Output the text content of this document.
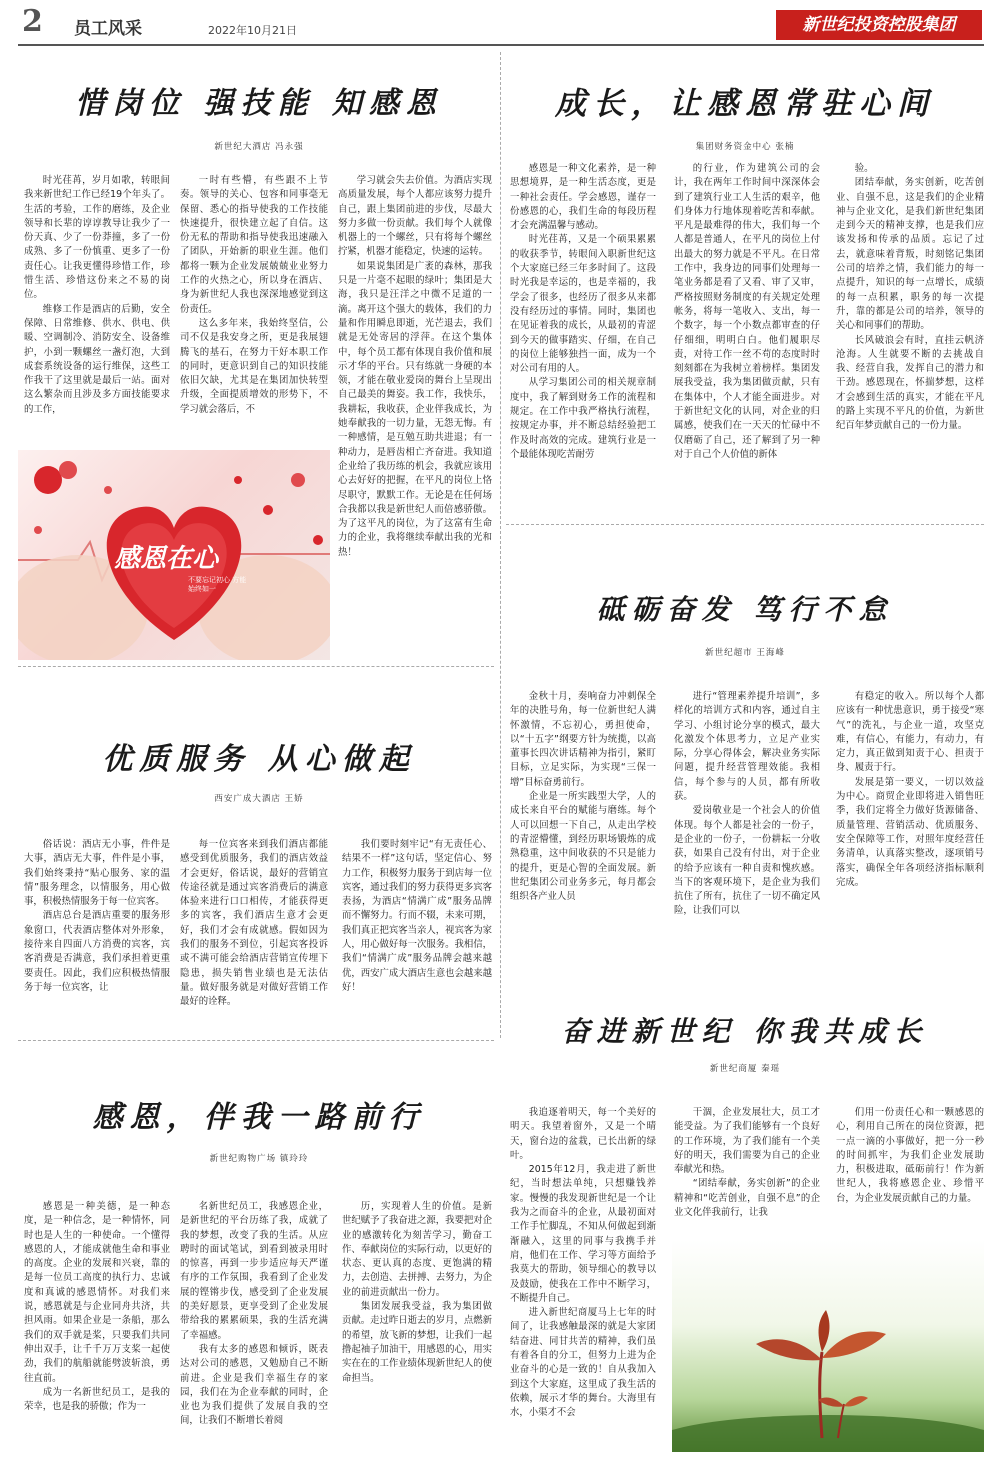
2 员工风采	2022年10月21日	新世纪投资控股集团
惜岗位 强技能 知感恩
新世纪大酒店 冯永强

时光荏苒，岁月如歌，转眼间我来新世纪工作已经19个年头了。生活的考验，工作的磨练，及企业领导和长辈的谆谆教导让我少了一份天真、少了一份莽撞，多了一份成熟、多了一份慎重、更多了一份责任心。让我更懂得珍惜工作，珍惜生活、珍惜这份来之不易的岗位。

维修工作是酒店的后勤，安全保障、日常维修、供水、供电、供暖、空调制冷、消防安全、设备维护，小到一颗螺丝一盏灯泡，大到成套系统设备的运行维保，这些工作我干了这里就是最后一站。面对这么繁杂而且涉及多方面技能要求的工作，

一时有些懵，有些跟不上节奏。领导的关心、包容和同事毫无保留、悉心的指导使我的工作技能快速提升，很快建立起了自信。这份无私的帮助和指导使我迅速融入了团队，开始新的职业生涯。他们都将一颗为企业发展兢兢业业努力工作的火热之心，所以身在酒店、身为新世纪人我也深深地感觉到这份责任。

这么多年来，我始终坚信，公司不仅是我安身之所，更是我展翅腾飞的基石，在努力干好本职工作的同时，更意识到自己的知识技能依旧欠缺，尤其是在集团加快转型升级，全面提质增效的形势下，不学习就会落后，不

学习就会失去价值。为酒店实现高质量发展，每个人都应该努力提升自己，跟上集团前进的步伐，尽最大努力多做一份贡献。我们每个人就像机器上的一个螺丝，只有将每个螺丝拧紧，机器才能稳定，快速的运转。

如果说集团是广袤的森林，那我只是一片毫不起眼的绿叶；集团是大海，我只是汪洋之中微不足道的一滴。离开这个强大的载体，我们的力量和作用瞬息即逝，光芒退去，我们就是无处寄居的浮萍。在这个集体中，每个员工都有体现自我价值和展示才华的平台。只有练就一身硬的本领，才能在敬业爱岗的舞台上呈现出自己最美的舞姿。我工作，我快乐，我耕耘，我收获，企业伴我成长，为她奉献我的一切力量，无怨无悔。有一种感情，是互勉互助共进退；有一种动力，是唇齿相亡齐奋进。我知道企业给了我历练的机会，我就应该用心去好好的把握，在平凡的岗位上恪尽职守，默默工作。无论是在任何场合我都以我是新世纪人而倍感骄傲。为了这平凡的岗位，为了这富有生命力的企业，我将继续奉献出我的光和热！

感恩在心
不要忘记初心 方能始终如一
成长，让感恩常驻心间
集团财务资金中心 张楠

感恩是一种文化素养，是一种思想境界，是一种生活态度，更是一种社会责任。学会感恩，谨存一份感恩的心，我们生命的每段历程才会充满温馨与感动。

时光荏苒，又是一个硕果累累的收获季节，转眼间入职新世纪这个大家庭已经三年多时间了。这段时光我是幸运的，也是幸福的，我学会了很多，也经历了很多从来都没有经历过的事情。同时，集团也在见证着我的成长，从最初的青涩到今天的做事踏实、仔细，在自己的岗位上能够独挡一面，成为一个对公司有用的人。

从学习集团公司的相关规章制度中，我了解到财务工作的流程和规定。在工作中我严格执行流程，按规定办事，并不断总结经验把工作及时高效的完成。建筑行业是一个最能体现吃苦耐劳

的行业，作为建筑公司的会计，我在两年工作时间中深深体会到了建筑行业工人生活的艰辛，他们身体力行地体现着吃苦和奉献。平凡是最难得的伟大，我们每一个人都是普通人，在平凡的岗位上付出最大的努力就是不平凡。在日常工作中，我身边的同事们处理每一笔业务都是看了又看、审了又审，严格按照财务制度的有关规定处理帐务，将每一笔收入、支出，每一个数字，每一个小数点都审查的仔仔细细，明明白白。他们履职尽责，对待工作一丝不苟的态度时时刻刻都在为我树立着榜样。集团发展我受益，我为集团做贡献，只有在集体中，个人才能全面进步。对于新世纪文化的认同，对企业的归属感，使我们在一天天的忙碌中不仅磨砺了自己，还了解到了另一种对于自己个人价值的新体

验。

团结奉献，务实创新，吃苦创业、自强不息，这是我们的企业精神与企业文化，是我们新世纪集团走到今天的精神支撑，也是我们应该发扬和传承的品质。忘记了过去，就意味着背叛，时刻铭记集团公司的培养之情，我们能力的每一点提升，知识的每一点增长，成绩的每一点积累，职务的每一次提升，靠的都是公司的培养，领导的关心和同事们的帮助。

长风破浪会有时，直挂云帆济沧海。人生就要不断的去挑战自我、经营自我，发挥自己的潜力和干劲。感恩现在，怀揣梦想，这样才会感到生活的真实，才能在平凡的路上实现不平凡的价值，为新世纪百年梦贡献自己的一份力量。

砥砺奋发 笃行不怠
新世纪超市 王海峰

金秋十月，奏响奋力冲刺保全年的决胜号角，每一位新世纪人满怀激情，不忘初心，勇担使命，以“十五字”纲要方针为统揽，以高董事长四次讲话精神为指引，紧盯目标，立足实际，为实现“三保一增”目标奋勇前行。

企业是一所实践型大学，人的成长来自平台的赋能与磨练。每个人可以回想一下自己，从走出学校的青涩懵懂，到经历职场锻炼的成熟稳重，这中间收获的不只是能力的提升，更是心智的全面发展。新世纪集团公司业务多元，每月都会组织各产业人员

进行“管理素养提升培训”，多样化的培训方式和内容，通过自主学习、小组讨论分享的模式，最大化激发个体思考力，立足产业实际，分享心得体会，解决业务实际问题，提升经营管理效能。我相信，每个参与的人员，都有所收获。

爱岗敬业是一个社会人的价值体现。每个人都是社会的一份子，是企业的一份子，一份耕耘一分收获，如果自己没有付出，对于企业的给予应该有一种自责和愧疚感。当下的客观环境下，是企业为我们抗住了所有，抗住了一切不确定风险，让我们可以

有稳定的收入。所以每个人都应该有一种忧患意识，勇于接受“寒气”的洗礼，与企业一道，攻坚克难，有信心，有能力，有动力，有定力，真正做到知责于心、担责于身、履责于行。

发展是第一要义，一切以效益为中心。商贸企业即将进入销售旺季，我们定将全力做好货源储备、质量管理、营销活动、优质服务、安全保障等工作，对照年度经营任务清单，认真落实整改，逐项销号落实，确保全年各项经济指标顺利完成。

优质服务 从心做起
西安广成大酒店 王娇

俗话说：酒店无小事，件件是大事，酒店无大事，件件是小事，我们始终秉持“贴心服务、家的温情”服务理念，以情服务，用心做事，积极热情服务于每一位宾客。

酒店总台是酒店重要的服务形象窗口，代表酒店整体对外形象，接待来自四面八方消费的宾客，宾客消费是否满意，我们承担着更重要责任。因此，我们应积极热情服务于每一位宾客，让

每一位宾客来到我们酒店都能感受到优质服务，我们的酒店效益才会更好，俗话说，最好的营销宣传途径就是通过宾客消费后的满意体验来进行口口相传，才能获得更多的宾客，我们酒店生意才会更好，我们才会有成就感。假如因为我们的服务不到位，引起宾客投诉或不满可能会给酒店营销宣传埋下隐患，损失销售业绩也是无法估量。做好服务就是对做好营销工作最好的诠释。

我们要时刻牢记“有无责任心、结果不一样”这句话，坚定信心、努力工作，积极努力服务于到店每一位宾客，通过我们的努力获得更多宾客表扬，为酒店“情满广成”服务品牌而不懈努力。行而不辍，未来可期，我们真正把宾客当亲人，视宾客为家人，用心做好每一次服务。我相信，我们“情满广成”服务品牌会越来越优，西安广成大酒店生意也会越来越好！

奋进新世纪 你我共成长
新世纪商厦 秦瑶

我追逐着明天，每一个美好的明天。我望着窗外，又是一个晴天，窗台边的盆栽，已长出新的绿叶。

2015年12月，我走进了新世纪，当时想法单纯，只想赚钱养家。慢慢的我发现新世纪是一个让我为之而奋斗的企业，从最初面对工作手忙脚乱，不知从何做起到渐渐融入，这里的同事与我携手并肩，他们在工作、学习等方面给予我莫大的帮助，领导细心的教导以及鼓励，使我在工作中不断学习，不断提升自己。

进入新世纪商厦马上七年的时间了，让我感触最深的就是大家团结奋进、同甘共苦的精神，我们虽有着各自的分工，但努力上进为企业奋斗的心是一致的！自从我加入到这个大家庭，这里成了我生活的依赖，展示才华的舞台。大海里有水，小渠才不会

干涸，企业发展壮大，员工才能受益。为了我们能够有一个良好的工作环境，为了我们能有一个美好的明天，我们需要为自己的企业奉献光和热。

“团结奉献，务实创新”的企业精神和“吃苦创业，自强不息”的企业文化伴我前行，让我

们用一份责任心和一颗感恩的心，利用自己所在的岗位资源，把一点一滴的小事做好，把一分一秒的时间抓牢，为我们企业发展助力，积极进取，砥砺前行！作为新世纪人，我将感恩企业、珍惜平台，为企业发展贡献自己的力量。

感恩，伴我一路前行
新世纪购物广场 镇玲玲

感恩是一种美德，是一种态度，是一种信念，是一种情怀，同时也是人生的一种使命。一个懂得感恩的人，才能成就他生命和事业的高度。企业的发展和兴衰，靠的是每一位员工高度的执行力、忠诚度和真诚的感恩情怀。对我们来说，感恩就是与企业同舟共济，共担风雨。如果企业是一条船，那么我们的双手就是桨，只要我们共同伸出双手，让千千万万支桨一起使劲，我们的航船就能劈波斩浪，勇往直前。

成为一名新世纪员工，是我的荣幸，也是我的骄傲；作为一

名新世纪员工，我感恩企业，是新世纪的平台历练了我，成就了我的梦想，改变了我的生活。从应聘时的面试笔试，到看到被录用时的惊喜，再到一步步适应每天严谨有序的工作氛围，我看到了企业发展的铿锵步伐，感受到了企业发展的美好愿景，更享受到了企业发展带给我的累累硕果，我的生活充满了幸福感。

我有太多的感恩和倾诉，既表达对公司的感恩，又勉励自己不断前进。企业是我们幸福生存的家园，我们在为企业奉献的同时，企业也为我们提供了发展自我的空间，让我们不断增长着阅

历，实现着人生的价值。是新世纪赋予了我奋进之源，我要把对企业的感激转化为刻苦学习，勤奋工作、奉献岗位的实际行动，以更好的状态、更认真的态度、更饱满的精力，去创造、去拼搏、去努力，为企业的前进贡献出一份力。

集团发展我受益，我为集团做贡献。走过昨日逝去的岁月，点燃新的希望，放飞新的梦想，让我们一起撸起袖子加油干，用感恩的心，用实实在在的工作业绩体现新世纪人的使命担当。
